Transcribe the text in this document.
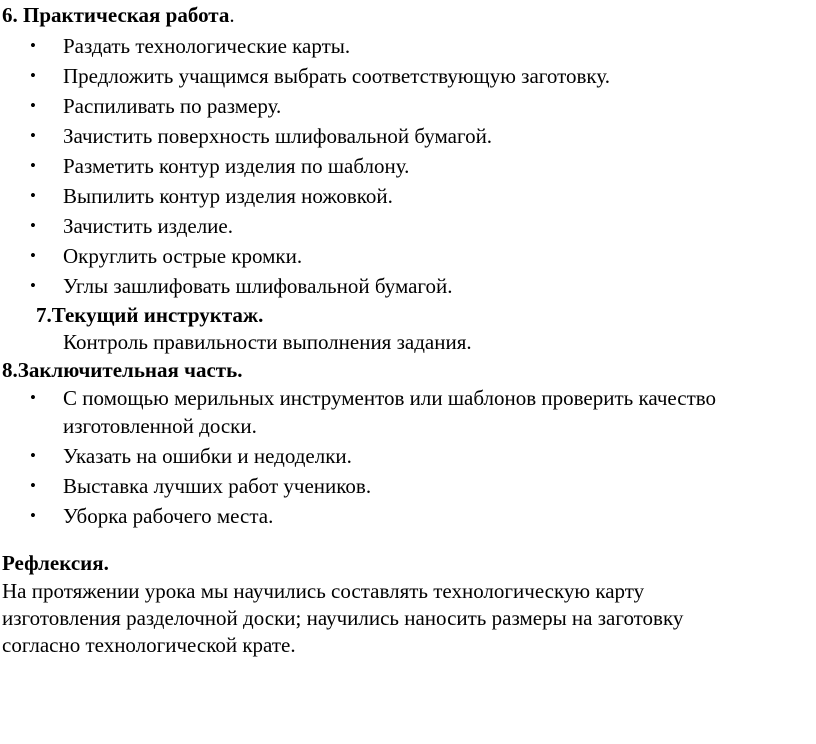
6. Практическая работа.
• Раздать технологические карты.
• Предложить учащимся выбрать соответствующую заготовку.
• Распиливать по размеру.
• Зачистить поверхность шлифовальной бумагой.
• Разметить контур изделия по шаблону.
• Выпилить контур изделия ножовкой.
• Зачистить изделие.
• Округлить острые кромки.
• Углы зашлифовать шлифовальной бумагой.
7.Текущий инструктаж.
Контроль правильности выполнения задания.
8.Заключительная часть.
• С помощью мерильных инструментов или шаблонов проверить качество
изготовленной доски.
• Указать на ошибки и недоделки.
• Выставка лучших работ учеников.
• Уборка рабочего места.
Рефлексия.
На протяжении урока мы научились составлять технологическую карту
изготовления разделочной доски; научились наносить размеры на заготовку
согласно технологической крате.
